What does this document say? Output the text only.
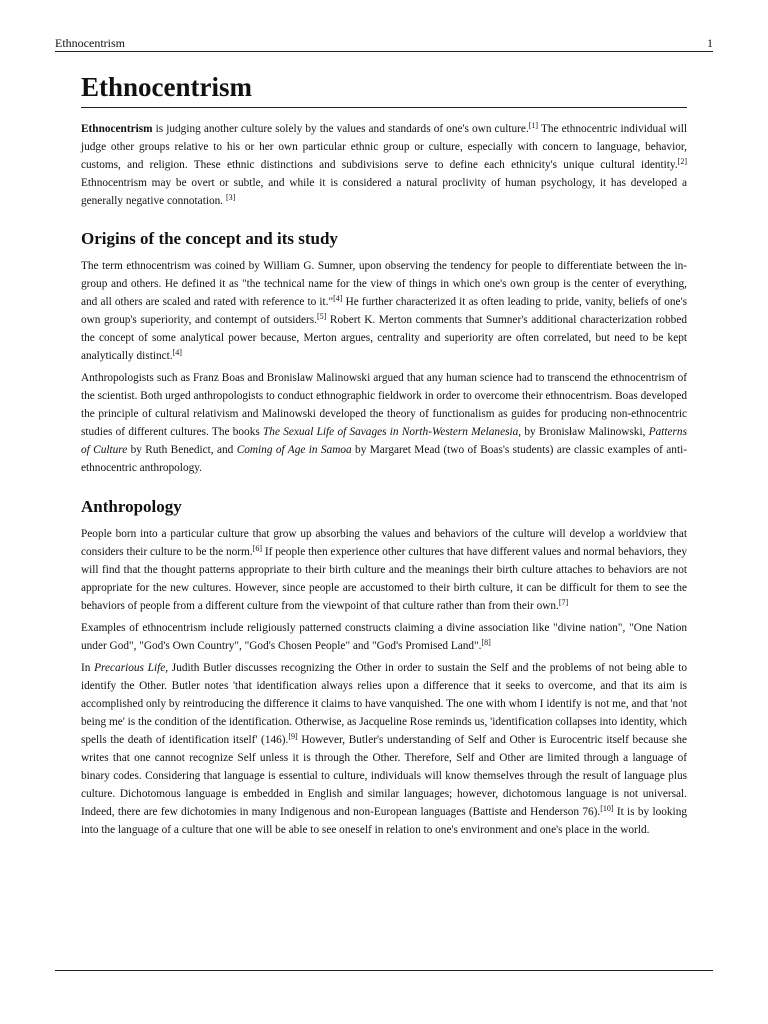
Ethnocentrism	1
Ethnocentrism

Ethnocentrism is judging another culture solely by the values and standards of one's own culture.[1] The ethnocentric individual will judge other groups relative to his or her own particular ethnic group or culture, especially with concern to language, behavior, customs, and religion. These ethnic distinctions and subdivisions serve to define each ethnicity's unique cultural identity.[2] Ethnocentrism may be overt or subtle, and while it is considered a natural proclivity of human psychology, it has developed a generally negative connotation. [3]

Origins of the concept and its study

The term ethnocentrism was coined by William G. Sumner, upon observing the tendency for people to differentiate between the in-group and others. He defined it as "the technical name for the view of things in which one's own group is the center of everything, and all others are scaled and rated with reference to it."[4] He further characterized it as often leading to pride, vanity, beliefs of one's own group's superiority, and contempt of outsiders.[5] Robert K. Merton comments that Sumner's additional characterization robbed the concept of some analytical power because, Merton argues, centrality and superiority are often correlated, but need to be kept analytically distinct.[4]

Anthropologists such as Franz Boas and Bronislaw Malinowski argued that any human science had to transcend the ethnocentrism of the scientist. Both urged anthropologists to conduct ethnographic fieldwork in order to overcome their ethnocentrism. Boas developed the principle of cultural relativism and Malinowski developed the theory of functionalism as guides for producing non-ethnocentric studies of different cultures. The books The Sexual Life of Savages in North-Western Melanesia, by Bronisław Malinowski, Patterns of Culture by Ruth Benedict, and Coming of Age in Samoa by Margaret Mead (two of Boas's students) are classic examples of anti-ethnocentric anthropology.

Anthropology

People born into a particular culture that grow up absorbing the values and behaviors of the culture will develop a worldview that considers their culture to be the norm.[6] If people then experience other cultures that have different values and normal behaviors, they will find that the thought patterns appropriate to their birth culture and the meanings their birth culture attaches to behaviors are not appropriate for the new cultures. However, since people are accustomed to their birth culture, it can be difficult for them to see the behaviors of people from a different culture from the viewpoint of that culture rather than from their own.[7]

Examples of ethnocentrism include religiously patterned constructs claiming a divine association like "divine nation", "One Nation under God", "God's Own Country", "God's Chosen People" and "God's Promised Land".[8]

In Precarious Life, Judith Butler discusses recognizing the Other in order to sustain the Self and the problems of not being able to identify the Other. Butler notes 'that identification always relies upon a difference that it seeks to overcome, and that its aim is accomplished only by reintroducing the difference it claims to have vanquished. The one with whom I identify is not me, and that 'not being me' is the condition of the identification. Otherwise, as Jacqueline Rose reminds us, 'identification collapses into identity, which spells the death of identification itself' (146).[9] However, Butler's understanding of Self and Other is Eurocentric itself because she writes that one cannot recognize Self unless it is through the Other. Therefore, Self and Other are limited through a language of binary codes. Considering that language is essential to culture, individuals will know themselves through the result of language plus culture. Dichotomous language is embedded in English and similar languages; however, dichotomous language is not universal. Indeed, there are few dichotomies in many Indigenous and non-European languages (Battiste and Henderson 76).[10] It is by looking into the language of a culture that one will be able to see oneself in relation to one's environment and one's place in the world.
